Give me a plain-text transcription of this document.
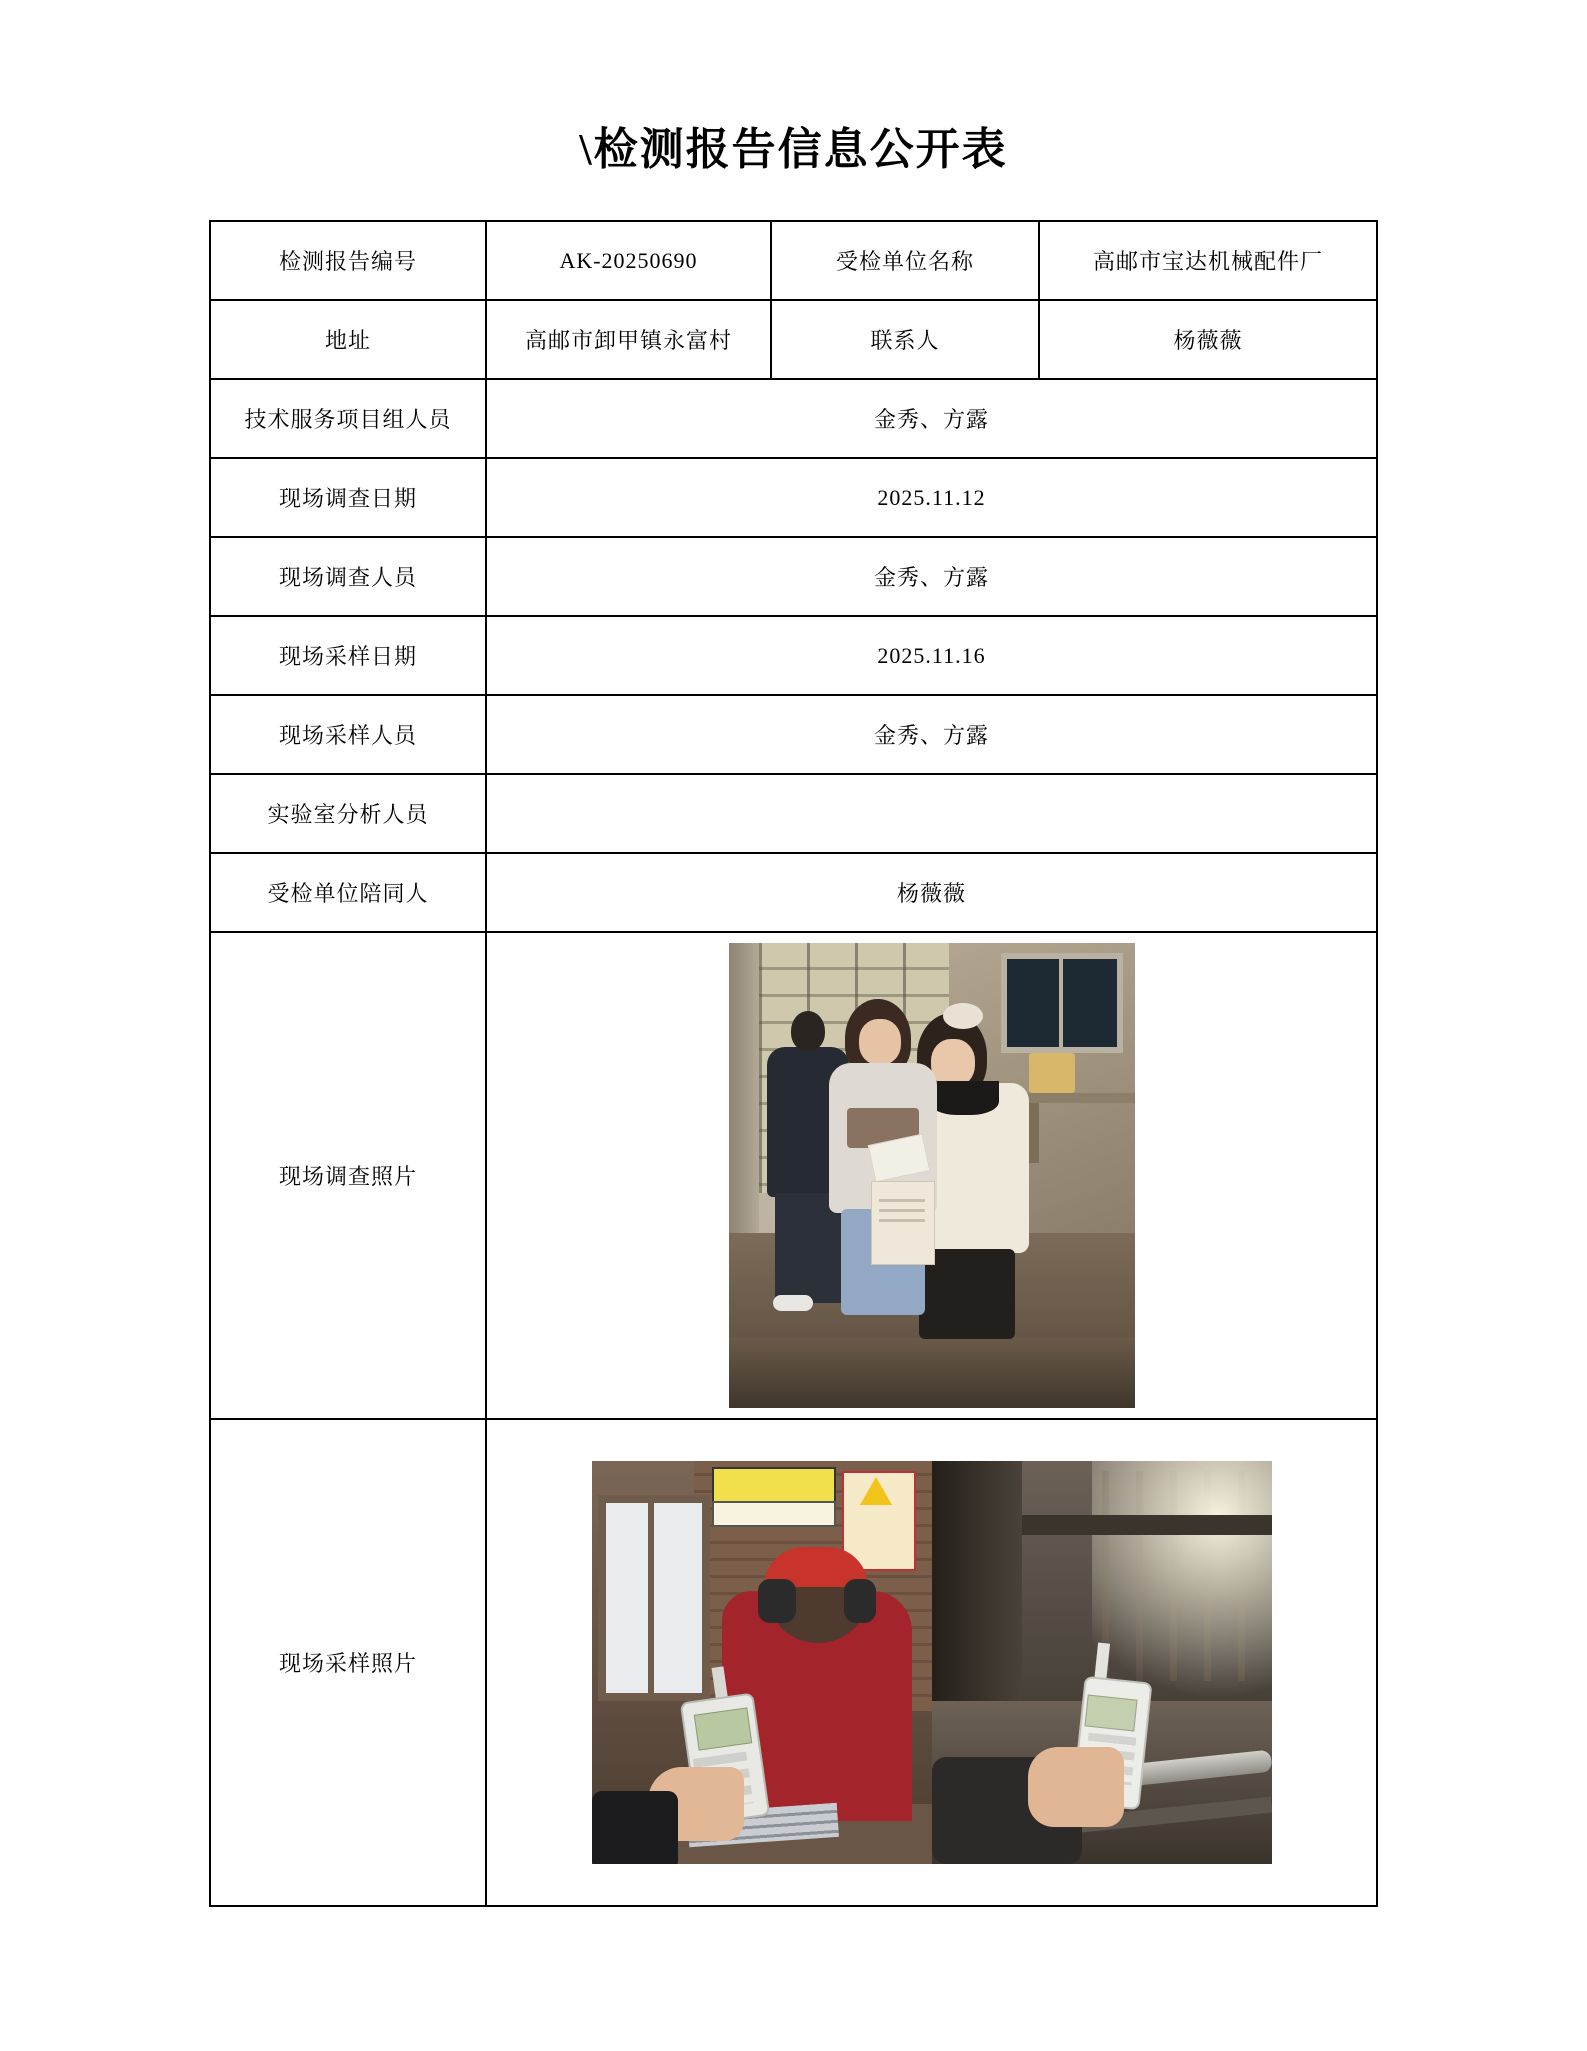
\检测报告信息公开表
检测报告编号	AK-20250690	受检单位名称	高邮市宝达机械配件厂
地址	高邮市卸甲镇永富村	联系人	杨薇薇
技术服务项目组人员	金秀、方露		
现场调查日期	2025.11.12		
现场调查人员	金秀、方露		
现场采样日期	2025.11.16		
现场采样人员	金秀、方露		
实验室分析人员			
受检单位陪同人	杨薇薇		
现场调查照片			

现场采样照片			
